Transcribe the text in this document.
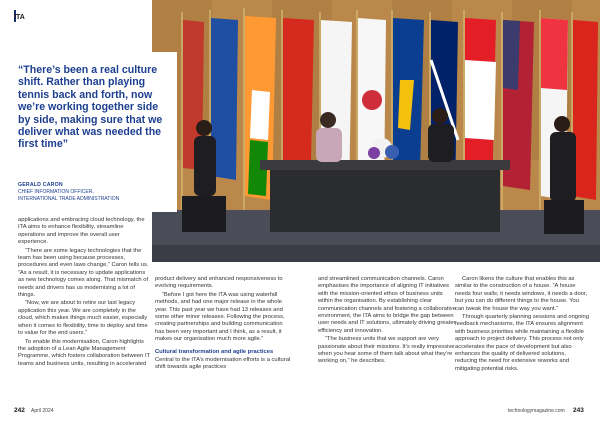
ITA
“There’s been a real culture shift. Rather than playing tennis back and forth, now we’re working together side by side, making sure that we deliver what was needed the first time”
GERALD CARON
CHIEF INFORMATION OFFICER,
INTERNATIONAL TRADE ADMINISTRATION

applications and embracing cloud technology, the ITA aims to enhance flexibility, streamline operations and improve the overall user experience.

“There are some legacy technologies that the team has been using because processes, procedures and even laws change,” Caron tells us. “As a result, it is necessary to update applications as new technology comes along. That mismatch of needs and drivers has us modernising a lot of things.

“Now, we are about to retire our last legacy application this year. We are completely in the cloud, which makes things much easier, especially when it comes to flexibility, time to deploy and time to value for the end users.”

To enable this modernisation, Caron highlights the adoption of a Lean Agile Management Programme, which fosters collaboration between IT teams and business units, resulting in accelerated

product delivery and enhanced responsiveness to evolving requirements.

“Before I got here the ITA was using waterfall methods, and had one major release in the whole year. This past year we have had 13 releases and some other minor releases. Following the process, creating partnerships and building communication has been very important and I think, as a result, it makes our organisation much more agile.”

Cultural transformation and agile practices

Central to the ITA’s modernisation efforts is a cultural shift towards agile practices

and streamlined communication channels. Caron emphasises the importance of aligning IT initiatives with the mission-oriented ethos of business units within the organisation. By establishing clear communication channels and fostering a collaborative environment, the ITA aims to bridge the gap between user needs and IT solutions, ultimately driving greater efficiency and innovation.

“The business units that we support are very passionate about their missions. It’s really impressive when you hear some of them talk about what they’re working on,” he describes.

Caron likens the culture that enables this as similar to the construction of a house. “A house needs four walls; it needs windows, it needs a door, but you can do different things to the house. You can tweak the house the way you want.”

Through quarterly planning sessions and ongoing feedback mechanisms, the ITA ensures alignment with business priorities while maintaining a flexible approach to project delivery. This process not only accelerates the pace of development but also enhances the quality of delivered solutions, reducing the need for extensive reworks and mitigating potential risks.

242 April 2024	technologymagazine.com 243
